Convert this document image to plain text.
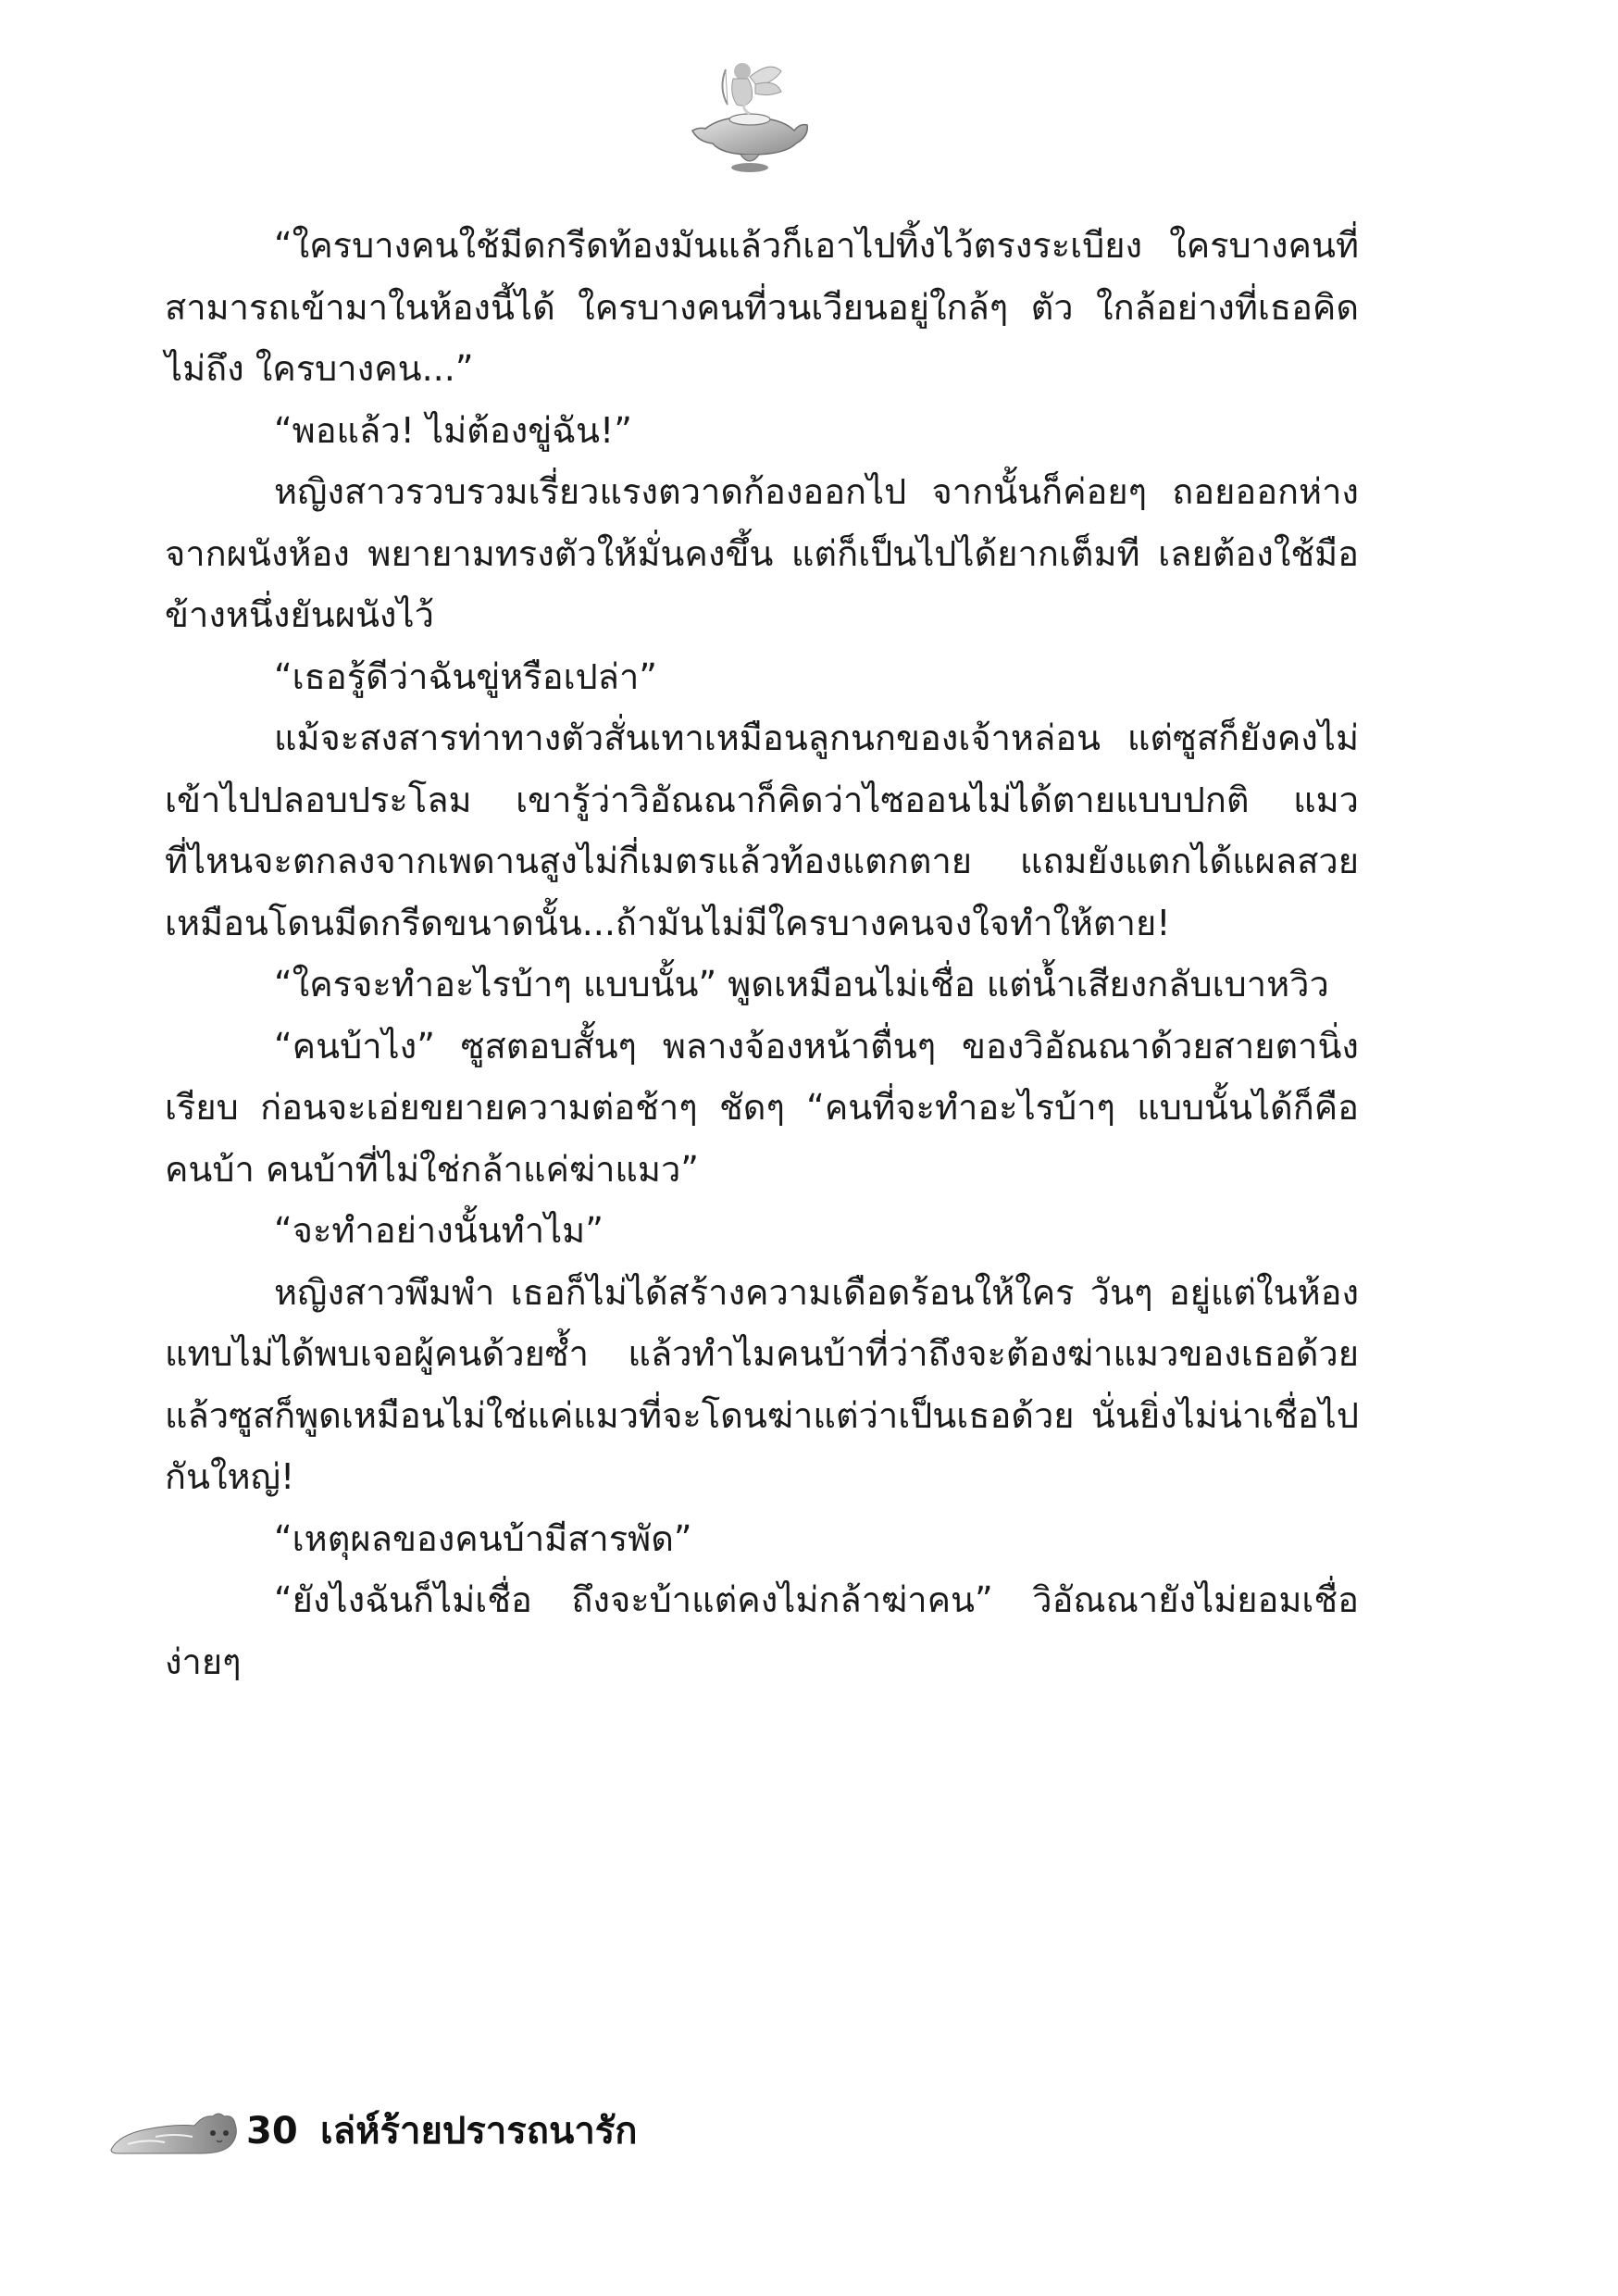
“ใครบางคนใช้มีดกรีดท้องมันแล้วก็เอาไปทิ้งไว้ตรงระเบียง ใครบางคนที่สามารถเข้ามาในห้องนี้ได้ ใครบางคนที่วนเวียนอยู่ใกล้ๆ ตัว ใกล้อย่างที่เธอคิดไม่ถึง ใครบางคน...”

“พอแล้ว! ไม่ต้องขู่ฉัน!”

หญิงสาวรวบรวมเรี่ยวแรงตวาดก้องออกไป จากนั้นก็ค่อยๆ ถอยออกห่างจากผนังห้อง พยายามทรงตัวให้มั่นคงขึ้น แต่ก็เป็นไปได้ยากเต็มที เลยต้องใช้มือข้างหนึ่งยันผนังไว้

“เธอรู้ดีว่าฉันขู่หรือเปล่า”

แม้จะสงสารท่าทางตัวสั่นเทาเหมือนลูกนกของเจ้าหล่อน แต่ซูสก็ยังคงไม่เข้าไปปลอบประโลม เขารู้ว่าวิอัณณาก็คิดว่าไซออนไม่ได้ตายแบบปกติ แมวที่ไหนจะตกลงจากเพดานสูงไม่กี่เมตรแล้วท้องแตกตาย แถมยังแตกได้แผลสวยเหมือนโดนมีดกรีดขนาดนั้น...ถ้ามันไม่มีใครบางคนจงใจทำให้ตาย!

“ใครจะทำอะไรบ้าๆ แบบนั้น” พูดเหมือนไม่เชื่อ แต่น้ำเสียงกลับเบาหวิว

“คนบ้าไง” ซูสตอบสั้นๆ พลางจ้องหน้าตื่นๆ ของวิอัณณาด้วยสายตานิ่งเรียบ ก่อนจะเอ่ยขยายความต่อช้าๆ ชัดๆ “คนที่จะทำอะไรบ้าๆ แบบนั้นได้ก็คือคนบ้า คนบ้าที่ไม่ใช่กล้าแค่ฆ่าแมว”

“จะทำอย่างนั้นทำไม”

หญิงสาวพึมพำ เธอก็ไม่ได้สร้างความเดือดร้อนให้ใคร วันๆ อยู่แต่ในห้อง แทบไม่ได้พบเจอผู้คนด้วยซ้ำ แล้วทำไมคนบ้าที่ว่าถึงจะต้องฆ่าแมวของเธอด้วย แล้วซูสก็พูดเหมือนไม่ใช่แค่แมวที่จะโดนฆ่าแต่ว่าเป็นเธอด้วย นั่นยิ่งไม่น่าเชื่อไปกันใหญ่!

“เหตุผลของคนบ้ามีสารพัด”

“ยังไงฉันก็ไม่เชื่อ ถึงจะบ้าแต่คงไม่กล้าฆ่าคน” วิอัณณายังไม่ยอมเชื่อง่ายๆ

30 เล่ห์ร้ายปรารถนารัก
